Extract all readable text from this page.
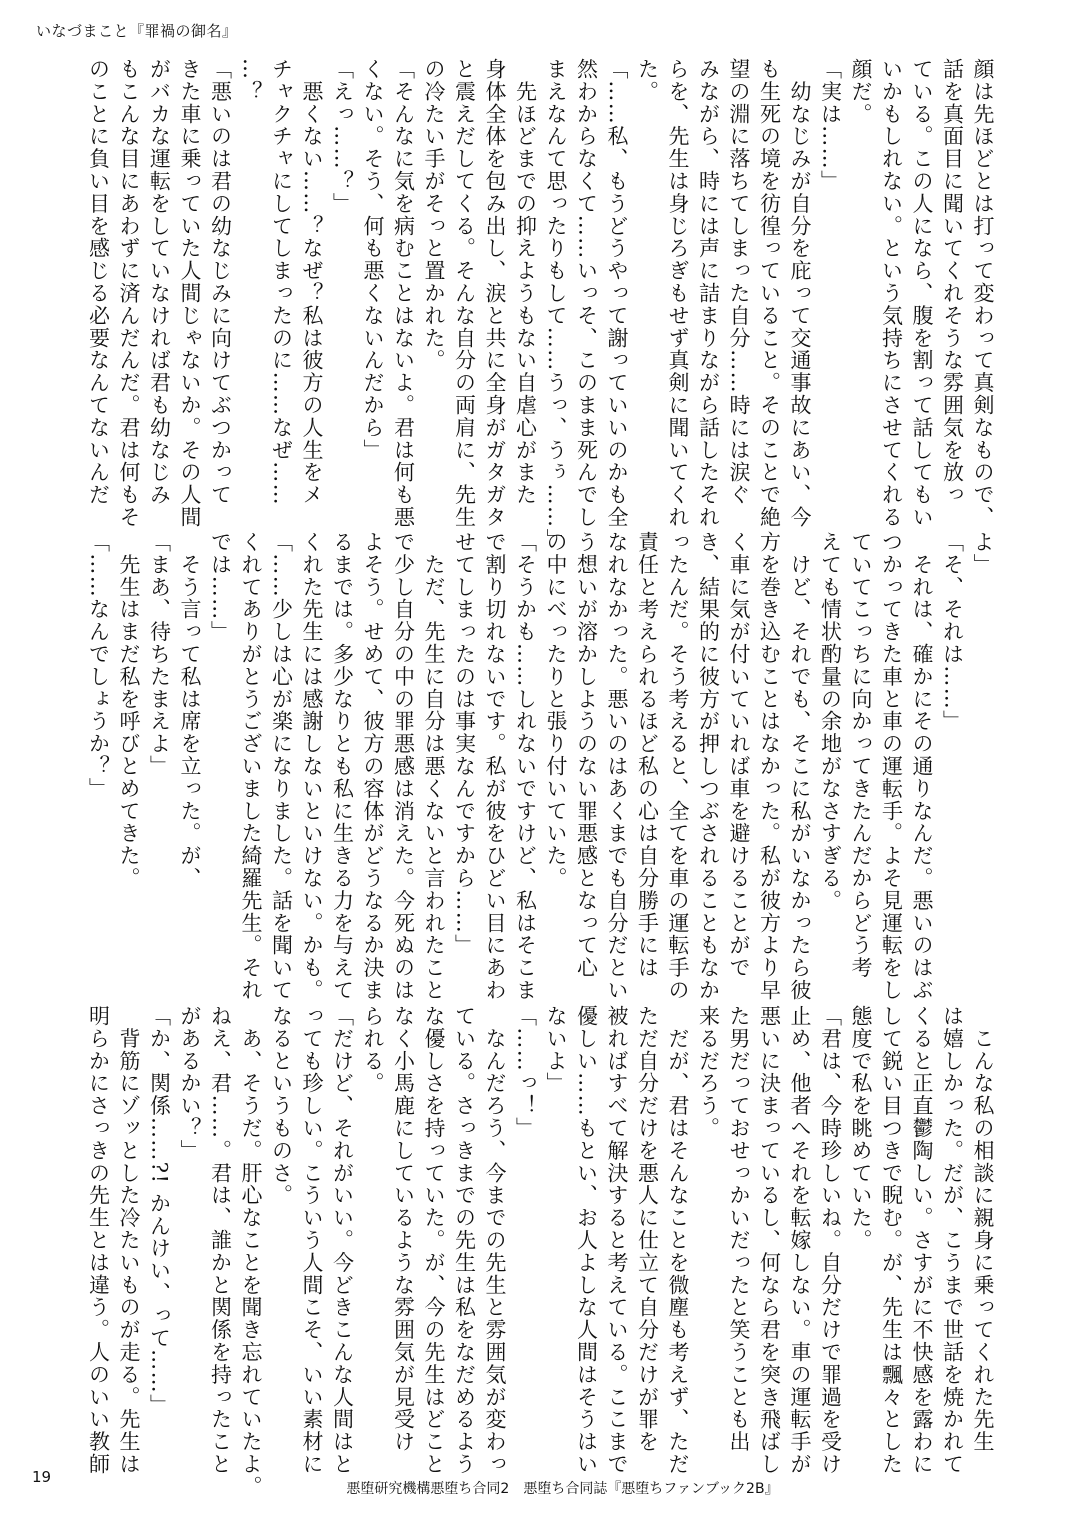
いなづまこと『罪禍の御名』

顔は先ほどとは打って変わって真剣なもので、

話を真面目に聞いてくれそうな雰囲気を放っ

ている。この人になら、腹を割って話してもい

いかもしれない。という気持ちにさせてくれる

顔だ。

「実は……」

　幼なじみが自分を庇って交通事故にあい、今

も生死の境を彷徨っていること。そのことで絶

望の淵に落ちてしまった自分……時には涙ぐ

みながら、時には声に詰まりながら話したそれ

らを、先生は身じろぎもせず真剣に聞いてくれ

た。

「……私、もうどうやって謝っていいのかも全

然わからなくて……いっそ、このまま死んでし

まえなんて思ったりもして……うっ、うぅ……」

　先ほどまでの抑えようもない自虐心がまた

身体全体を包み出し、涙と共に全身がガタガタ

と震えだしてくる。そんな自分の両肩に、先生

の冷たい手がそっと置かれた。

「そんなに気を病むことはないよ。君は何も悪

くない。そう、何も悪くないんだから」

「えっ……？」

　悪くない……？なぜ？私は彼方の人生をメ

チャクチャにしてしまったのに……なぜ……

…？

「悪いのは君の幼なじみに向けてぶつかって

きた車に乗っていた人間じゃないか。その人間

がバカな運転をしていなければ君も幼なじみ

もこんな目にあわずに済んだんだ。君は何もそ

のことに負い目を感じる必要なんてないんだ

よ」

「そ、それは……」

　それは、確かにその通りなんだ。悪いのはぶ

つかってきた車と車の運転手。よそ見運転をし

ていてこっちに向かってきたんだからどう考

えても情状酌量の余地がなさすぎる。

　けど、それでも、そこに私がいなかったら彼

方を巻き込むことはなかった。私が彼方より早

く車に気が付いていれば車を避けることがで

き、結果的に彼方が押しつぶされることもなか

ったんだ。そう考えると、全てを車の運転手の

責任と考えられるほど私の心は自分勝手には

なれなかった。悪いのはあくまでも自分だとい

う想いが溶かしようのない罪悪感となって心

の中にべったりと張り付いていた。

「そうかも……しれないですけど、私はそこま

で割り切れないです。私が彼をひどい目にあわ

せてしまったのは事実なんですから……」

　ただ、先生に自分は悪くないと言われたこと

で少し自分の中の罪悪感は消えた。今死ぬのは

よそう。せめて、彼方の容体がどうなるか決ま

るまでは。多少なりとも私に生きる力を与えて

くれた先生には感謝しないといけない。かも。

「……少しは心が楽になりました。話を聞いて

くれてありがとうございました綺羅先生。それ

では……」

　そう言って私は席を立った。が、

「まあ、待ちたまえよ」

　先生はまだ私を呼びとめてきた。

「……なんでしょうか？」

　こんな私の相談に親身に乗ってくれた先生

は嬉しかった。だが、こうまで世話を焼かれて

くると正直鬱陶しい。さすがに不快感を露わに

して鋭い目つきで睨む。が、先生は飄々とした

態度で私を眺めていた。

「君は、今時珍しいね。自分だけで罪過を受け

止め、他者へそれを転嫁しない。車の運転手が

悪いに決まっているし、何なら君を突き飛ばし

た男だっておせっかいだったと笑うことも出

来るだろう。

　だが、君はそんなことを微塵も考えず、ただ

ただ自分だけを悪人に仕立て自分だけが罪を

被ればすべて解決すると考えている。ここまで

優しい……もとい、お人よしな人間はそうはい

ないよ」

「……っ！」

　なんだろう、今までの先生と雰囲気が変わっ

ている。さっきまでの先生は私をなだめるよう

な優しさを持っていた。が、今の先生はどこと

なく小馬鹿にしているような雰囲気が見受け

られる。

「だけど、それがいい。今どきこんな人間はと

っても珍しい。こういう人間こそ、いい素材に

なるというものさ。

　あ、そうだ。肝心なことを聞き忘れていたよ。

ねえ、君……。君は、誰かと関係を持ったこと

があるかい？」

「か、関係……?! かんけい、って……」

　背筋にゾッとした冷たいものが走る。先生は

明らかにさっきの先生とは違う。人のいい教師

19
悪堕研究機構悪堕ち合同2　悪堕ち合同誌『悪堕ちファンブック2B』
